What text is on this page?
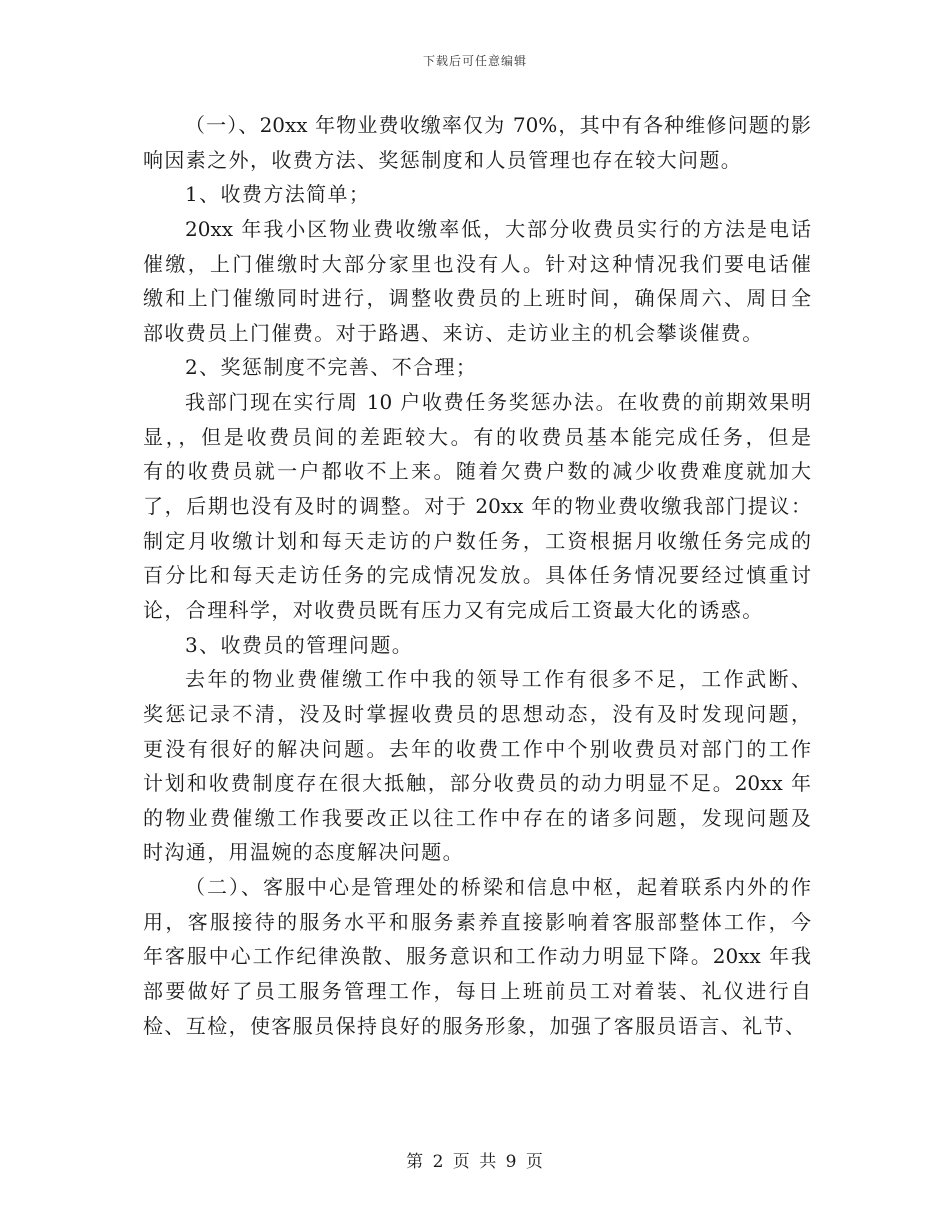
下载后可任意编辑
（一）、20xx 年物业费收缴率仅为 70%，其中有各种维修问题的影
响因素之外，收费方法、奖惩制度和人员管理也存在较大问题。
1、收费方法简单；
20xx 年我小区物业费收缴率低，大部分收费员实行的方法是电话
催缴，上门催缴时大部分家里也没有人。针对这种情况我们要电话催
缴和上门催缴同时进行，调整收费员的上班时间，确保周六、周日全
部收费员上门催费。对于路遇、来访、走访业主的机会攀谈催费。
2、奖惩制度不完善、不合理；
我部门现在实行周 10 户收费任务奖惩办法。在收费的前期效果明
显，，但是收费员间的差距较大。有的收费员基本能完成任务，但是
有的收费员就一户都收不上来。随着欠费户数的减少收费难度就加大
了，后期也没有及时的调整。对于 20xx 年的物业费收缴我部门提议：
制定月收缴计划和每天走访的户数任务，工资根据月收缴任务完成的
百分比和每天走访任务的完成情况发放。具体任务情况要经过慎重讨
论，合理科学，对收费员既有压力又有完成后工资最大化的诱惑。
3、收费员的管理问题。
去年的物业费催缴工作中我的领导工作有很多不足，工作武断、
奖惩记录不清，没及时掌握收费员的思想动态，没有及时发现问题，
更没有很好的解决问题。去年的收费工作中个别收费员对部门的工作
计划和收费制度存在很大抵触，部分收费员的动力明显不足。20xx 年
的物业费催缴工作我要改正以往工作中存在的诸多问题，发现问题及
时沟通，用温婉的态度解决问题。
（二）、客服中心是管理处的桥梁和信息中枢，起着联系内外的作
用，客服接待的服务水平和服务素养直接影响着客服部整体工作，今
年客服中心工作纪律涣散、服务意识和工作动力明显下降。20xx 年我
部要做好了员工服务管理工作，每日上班前员工对着装、礼仪进行自
检、互检，使客服员保持良好的服务形象，加强了客服员语言、礼节、
第 2 页 共 9 页
